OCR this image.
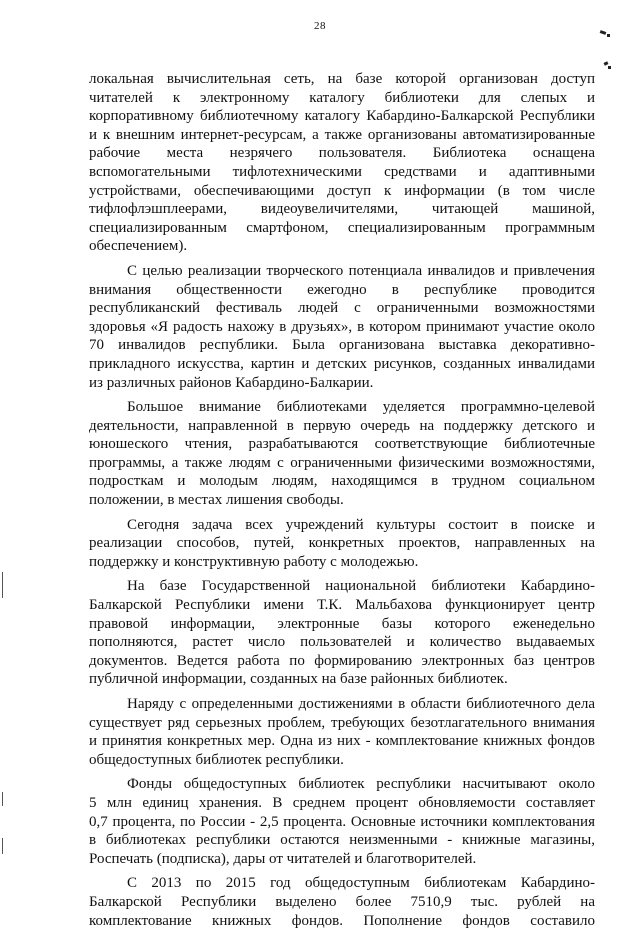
28
локальная вычислительная сеть, на базе которой организован доступ
читателей к электронному каталогу библиотеки для слепых и
корпоративному библиотечному каталогу Кабардино-Балкарской Республики
и к внешним интернет-ресурсам, а также организованы автоматизированные
рабочие места незрячего пользователя. Библиотека оснащена
вспомогательными тифлотехническими средствами и адаптивными
устройствами, обеспечивающими доступ к информации (в том числе
тифлофлэшплеерами, видеоувеличителями, читающей машиной,
специализированным смартфоном, специализированным программным
обеспечением).
С целью реализации творческого потенциала инвалидов и привлечения
внимания общественности ежегодно в республике проводится
республиканский фестиваль людей с ограниченными возможностями
здоровья «Я радость нахожу в друзьях», в котором принимают участие около
70 инвалидов республики. Была организована выставка декоративно-
прикладного искусства, картин и детских рисунков, созданных инвалидами
из различных районов Кабардино-Балкарии.
Большое внимание библиотеками уделяется программно-целевой
деятельности, направленной в первую очередь на поддержку детского и
юношеского чтения, разрабатываются соответствующие библиотечные
программы, а также людям с ограниченными физическими возможностями,
подросткам и молодым людям, находящимся в трудном социальном
положении, в местах лишения свободы.
Сегодня задача всех учреждений культуры состоит в поиске и
реализации способов, путей, конкретных проектов, направленных на
поддержку и конструктивную работу с молодежью.
На базе Государственной национальной библиотеки Кабардино-
Балкарской Республики имени Т.К. Мальбахова функционирует центр
правовой информации, электронные базы которого еженедельно
пополняются, растет число пользователей и количество выдаваемых
документов. Ведется работа по формированию электронных баз центров
публичной информации, созданных на базе районных библиотек.
Наряду с определенными достижениями в области библиотечного дела
существует ряд серьезных проблем, требующих безотлагательного внимания
и принятия конкретных мер. Одна из них - комплектование книжных фондов
общедоступных библиотек республики.
Фонды общедоступных библиотек республики насчитывают около
5 млн единиц хранения. В среднем процент обновляемости составляет
0,7 процента, по России - 2,5 процента. Основные источники комплектования
в библиотеках республики остаются неизменными - книжные магазины,
Роспечать (подписка), дары от читателей и благотворителей.
С 2013 по 2015 год общедоступным библиотекам Кабардино-
Балкарской Республики выделено более 7510,9 тыс. рублей на
комплектование книжных фондов. Пополнение фондов составило
